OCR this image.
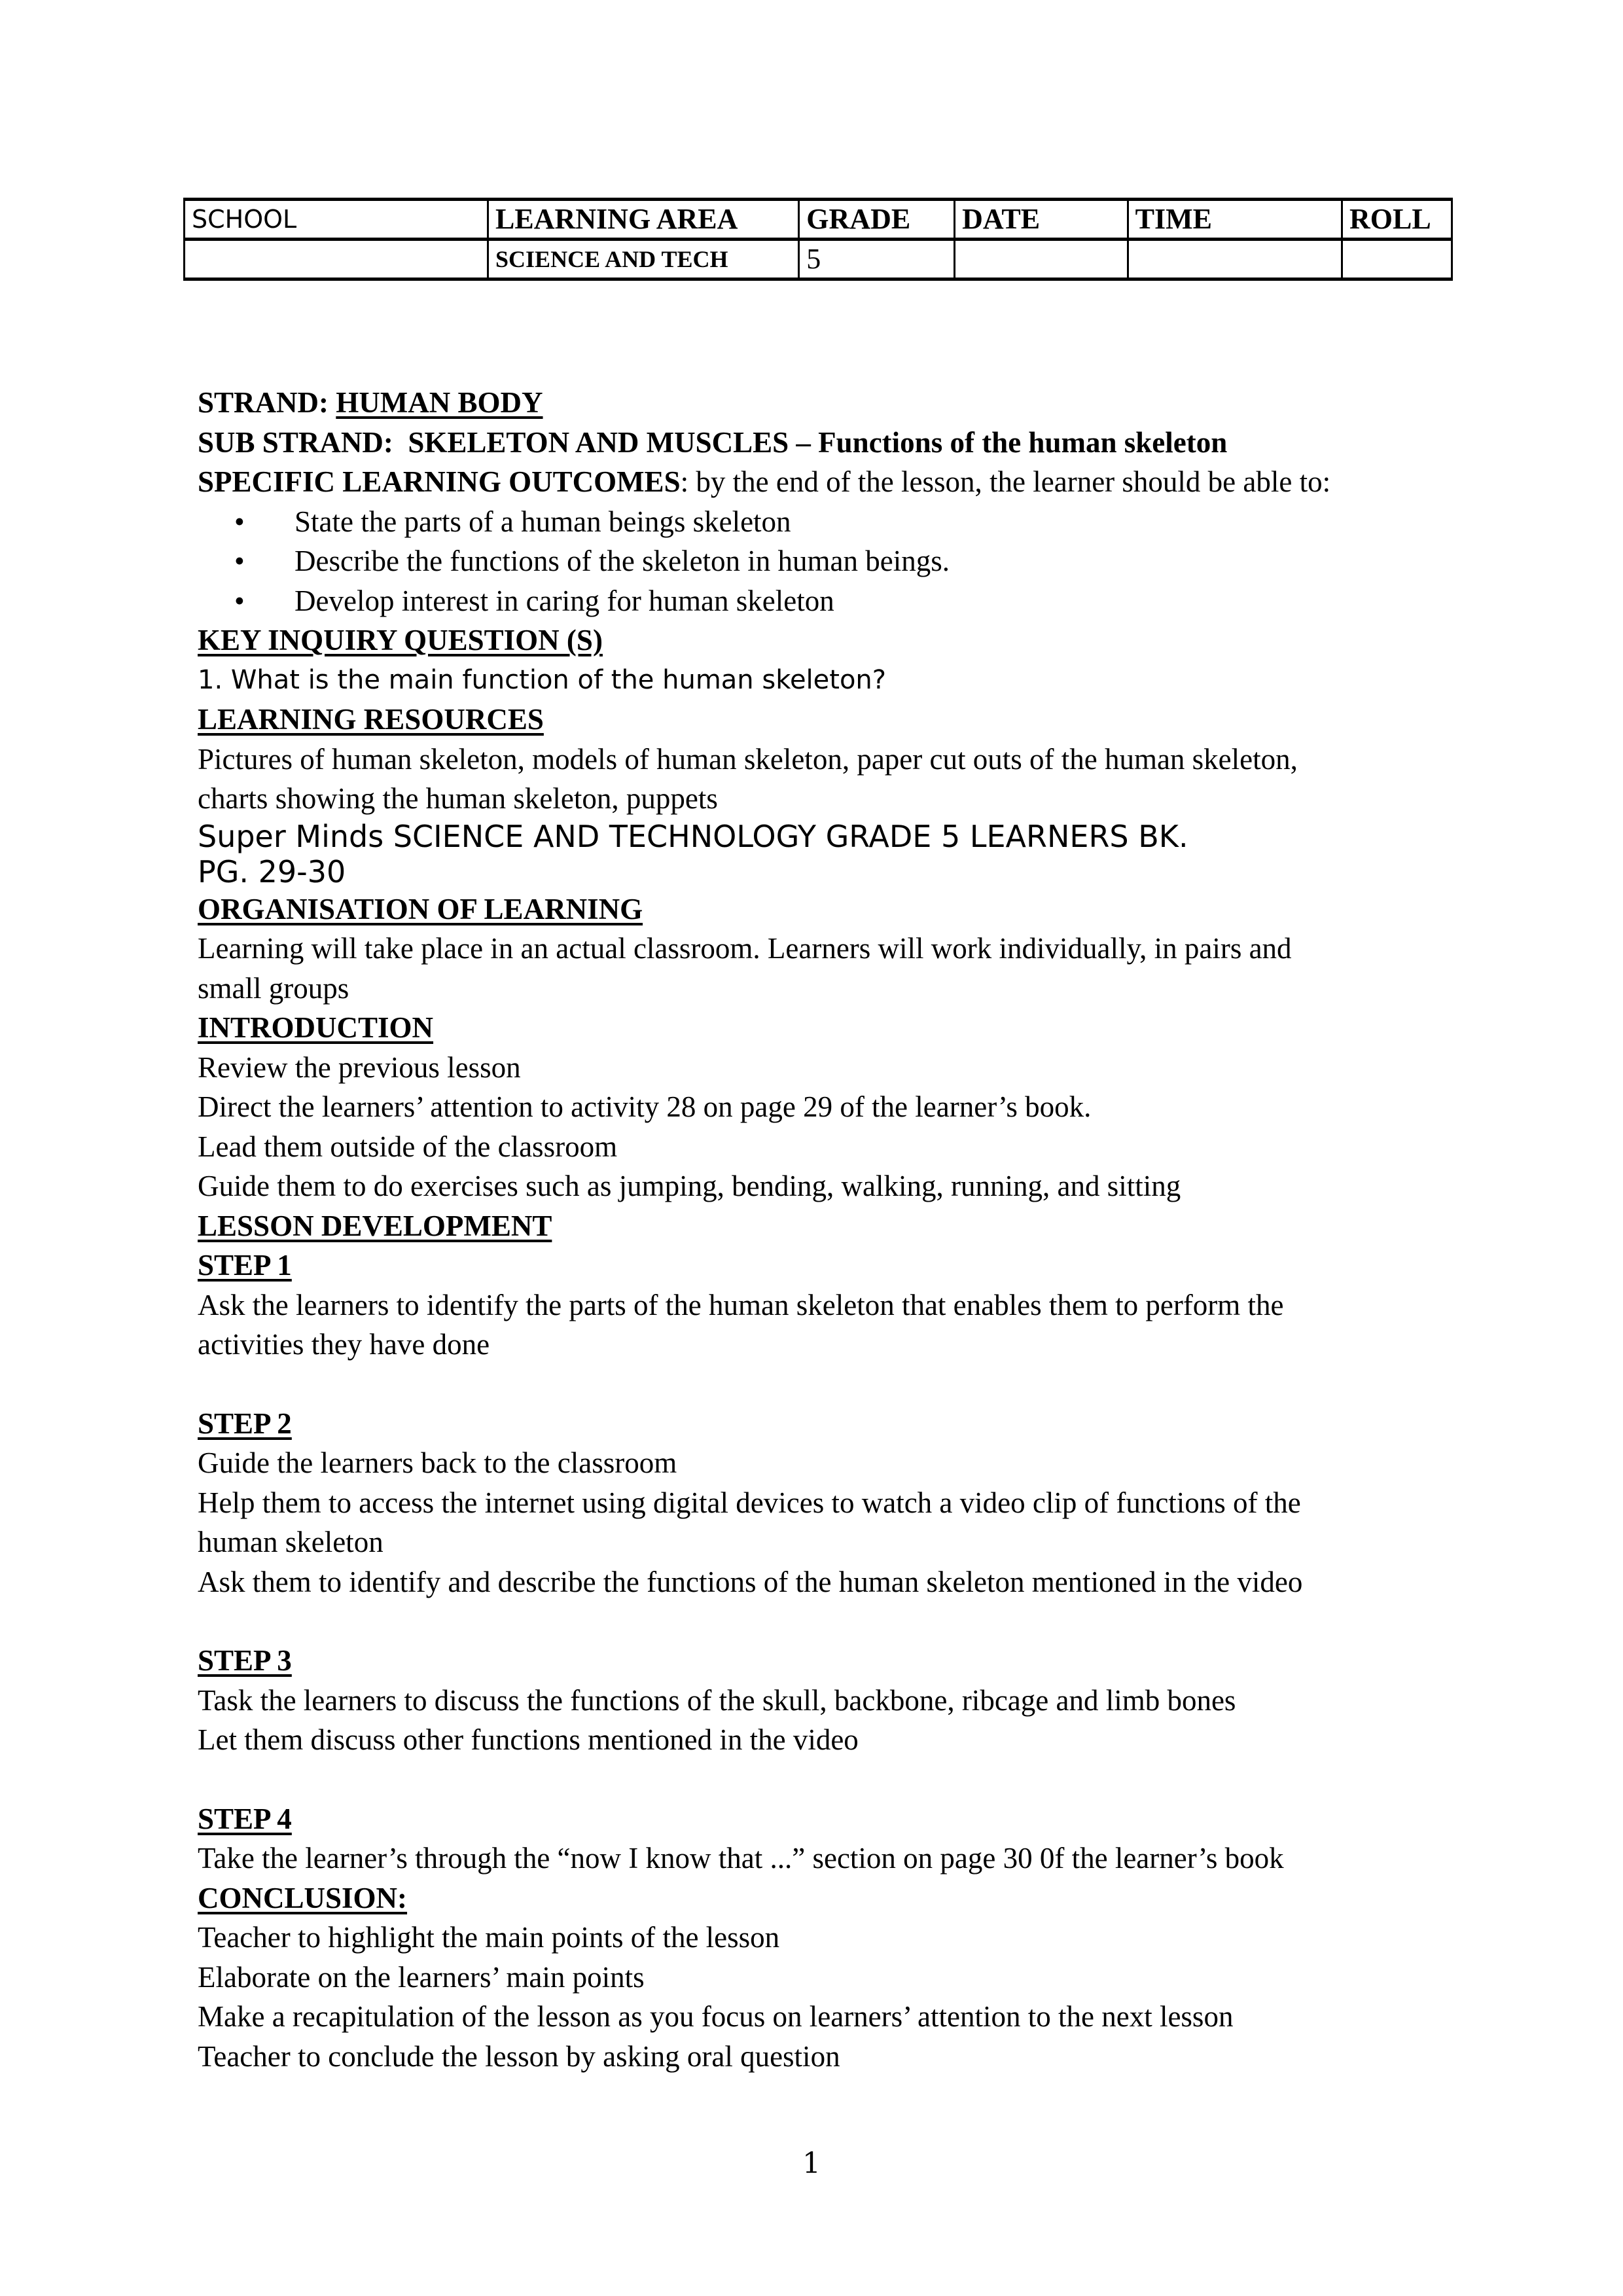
SCHOOL	LEARNING AREA	GRADE	DATE	TIME	ROLL
	SCIENCE AND TECH	5			
STRAND: HUMAN BODY
SUB STRAND:  SKELETON AND MUSCLES – Functions of the human skeleton
SPECIFIC LEARNING OUTCOMES: by the end of the lesson, the learner should be able to:
• State the parts of a human beings skeleton
• Describe the functions of the skeleton in human beings.
• Develop interest in caring for human skeleton
KEY INQUIRY QUESTION (S)
1. What is the main function of the human skeleton?
LEARNING RESOURCES
Pictures of human skeleton, models of human skeleton, paper cut outs of the human skeleton,
charts showing the human skeleton, puppets
Super Minds SCIENCE AND TECHNOLOGY GRADE 5 LEARNERS BK.
PG. 29-30
ORGANISATION OF LEARNING
Learning will take place in an actual classroom. Learners will work individually, in pairs and
small groups
INTRODUCTION
Review the previous lesson
Direct the learners’ attention to activity 28 on page 29 of the learner’s book.
Lead them outside of the classroom
Guide them to do exercises such as jumping, bending, walking, running, and sitting
LESSON DEVELOPMENT
STEP 1
Ask the learners to identify the parts of the human skeleton that enables them to perform the
activities they have done
STEP 2
Guide the learners back to the classroom
Help them to access the internet using digital devices to watch a video clip of functions of the
human skeleton
Ask them to identify and describe the functions of the human skeleton mentioned in the video
STEP 3
Task the learners to discuss the functions of the skull, backbone, ribcage and limb bones
Let them discuss other functions mentioned in the video
STEP 4
Take the learner’s through the “now I know that ...” section on page 30 0f the learner’s book
CONCLUSION:
Teacher to highlight the main points of the lesson
Elaborate on the learners’ main points
Make a recapitulation of the lesson as you focus on learners’ attention to the next lesson
Teacher to conclude the lesson by asking oral question
1
